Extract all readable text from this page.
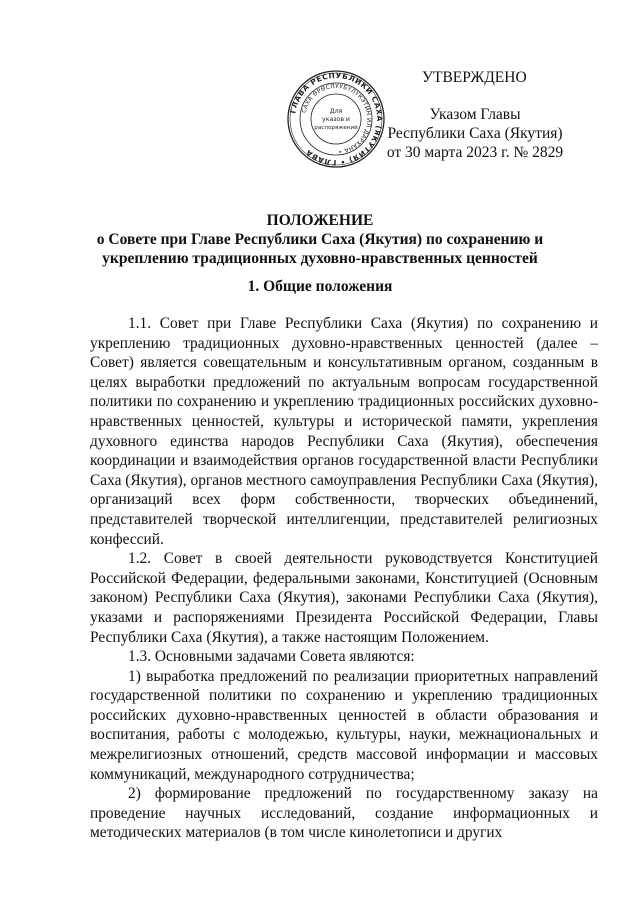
ГЛАВА РЕСПУБЛИКИ САХА (ЯКУТИЯ) • ГЛАВА
САХА ӨРӨСПУУБҮЛҮКЭТИН ИЛ ДАРХАНА •
Для
указов и
распоряжений
УТВЕРЖДЕНО
Указом Главы
Республики Саха (Якутия)
от 30 марта 2023 г. № 2829
ПОЛОЖЕНИЕ
о Совете при Главе Республики Саха (Якутия) по сохранению и
укреплению традиционных духовно-нравственных ценностей
1. Общие положения

1.1. Совет при Главе Республики Саха (Якутия) по сохранению и укреплению традиционных духовно-нравственных ценностей (далее – Совет) является совещательным и консультативным органом, созданным в целях выработки предложений по актуальным вопросам государственной политики по сохранению и укреплению традиционных российских духовно-нравственных ценностей, культуры и исторической памяти, укрепления духовного единства народов Республики Саха (Якутия), обеспечения координации и взаимодействия органов государственной власти Республики Саха (Якутия), органов местного самоуправления Республики Саха (Якутия), организаций всех форм собственности, творческих объединений, представителей творческой интеллигенции, представителей религиозных конфессий.

1.2. Совет в своей деятельности руководствуется Конституцией Российской Федерации, федеральными законами, Конституцией (Основным законом) Республики Саха (Якутия), законами Республики Саха (Якутия), указами и распоряжениями Президента Российской Федерации, Главы Республики Саха (Якутия), а также настоящим Положением.

1.3. Основными задачами Совета являются:

1) выработка предложений по реализации приоритетных направлений государственной политики по сохранению и укреплению традиционных российских духовно-нравственных ценностей в области образования и воспитания, работы с молодежью, культуры, науки, межнациональных и межрелигиозных отношений, средств массовой информации и массовых коммуникаций, международного сотрудничества;

2) формирование предложений по государственному заказу на проведение научных исследований, создание информационных и методических материалов (в том числе кинолетописи и других
